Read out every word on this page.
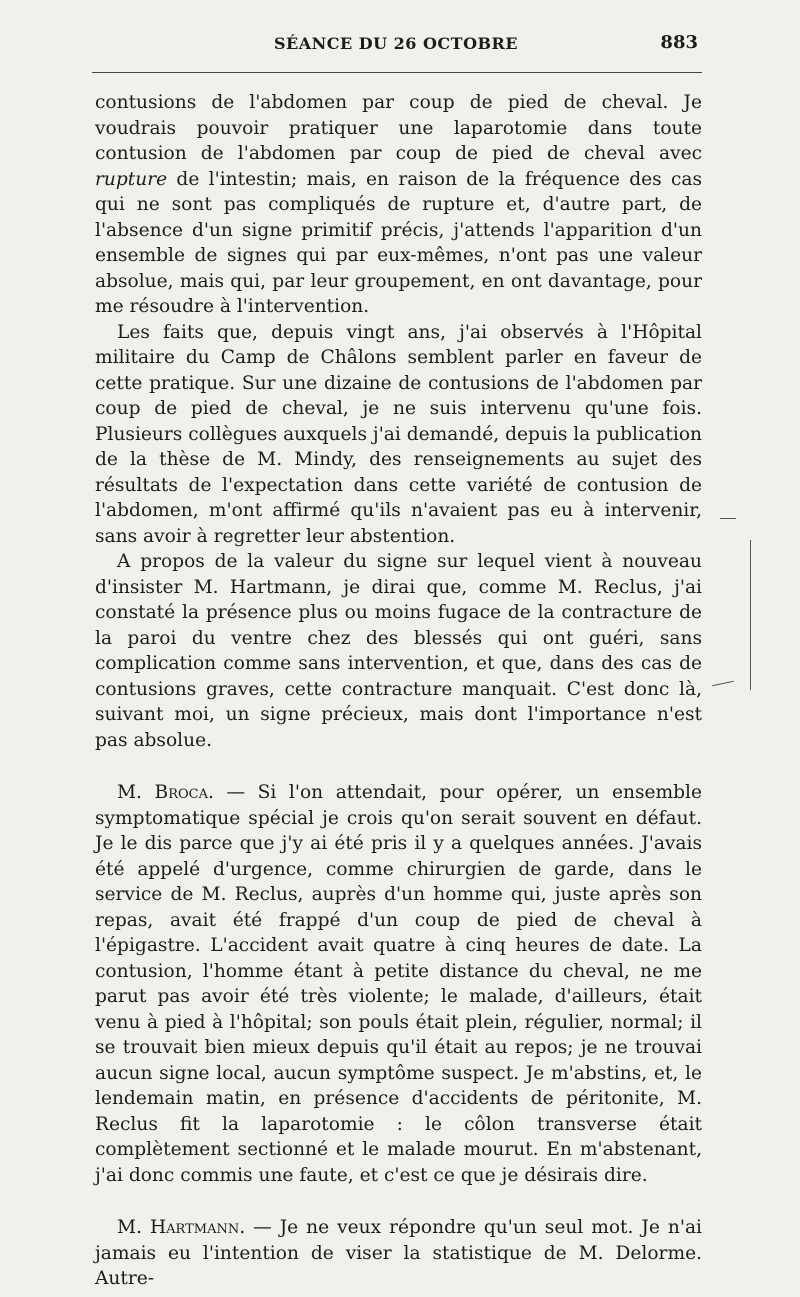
SÉANCE DU 26 OCTOBRE	883

contusions de l'abdomen par coup de pied de cheval. Je voudrais pouvoir pratiquer une laparotomie dans toute contusion de l'abdomen par coup de pied de cheval avec rupture de l'intestin; mais, en raison de la fréquence des cas qui ne sont pas compliqués de rupture et, d'autre part, de l'absence d'un signe primitif précis, j'attends l'apparition d'un ensemble de signes qui par eux-mêmes, n'ont pas une valeur absolue, mais qui, par leur groupement, en ont davantage, pour me résoudre à l'intervention.

Les faits que, depuis vingt ans, j'ai observés à l'Hôpital militaire du Camp de Châlons semblent parler en faveur de cette pratique. Sur une dizaine de contusions de l'abdomen par coup de pied de cheval, je ne suis intervenu qu'une fois. Plusieurs collègues auxquels j'ai demandé, depuis la publication de la thèse de M. Mindy, des renseignements au sujet des résultats de l'expectation dans cette variété de contusion de l'abdomen, m'ont affirmé qu'ils n'avaient pas eu à intervenir, sans avoir à regretter leur abstention.

A propos de la valeur du signe sur lequel vient à nouveau d'insister M. Hartmann, je dirai que, comme M. Reclus, j'ai constaté la présence plus ou moins fugace de la contracture de la paroi du ventre chez des blessés qui ont guéri, sans complication comme sans intervention, et que, dans des cas de contusions graves, cette contracture manquait. C'est donc là, suivant moi, un signe précieux, mais dont l'importance n'est pas absolue.

M. Broca. — Si l'on attendait, pour opérer, un ensemble symptomatique spécial je crois qu'on serait souvent en défaut. Je le dis parce que j'y ai été pris il y a quelques années. J'avais été appelé d'urgence, comme chirurgien de garde, dans le service de M. Reclus, auprès d'un homme qui, juste après son repas, avait été frappé d'un coup de pied de cheval à l'épigastre. L'accident avait quatre à cinq heures de date. La contusion, l'homme étant à petite distance du cheval, ne me parut pas avoir été très violente; le malade, d'ailleurs, était venu à pied à l'hôpital; son pouls était plein, régulier, normal; il se trouvait bien mieux depuis qu'il était au repos; je ne trouvai aucun signe local, aucun symptôme suspect. Je m'abstins, et, le lendemain matin, en présence d'accidents de péritonite, M. Reclus fit la laparotomie : le côlon transverse était complètement sectionné et le malade mourut. En m'abstenant, j'ai donc commis une faute, et c'est ce que je désirais dire.

M. Hartmann. — Je ne veux répondre qu'un seul mot. Je n'ai jamais eu l'intention de viser la statistique de M. Delorme. Autre-
